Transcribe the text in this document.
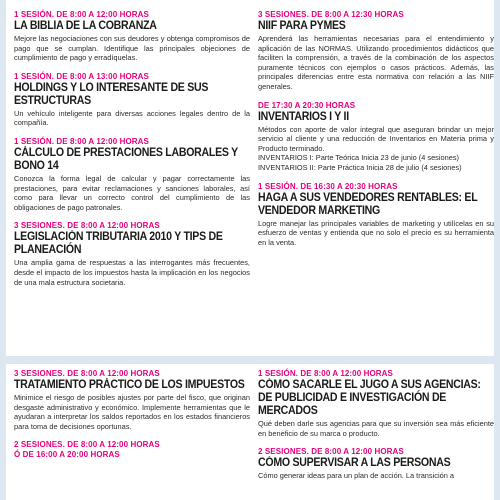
1 SESIÓN. DE 8:00 A 12:00 HORAS
LA BIBLIA DE LA COBRANZA

Mejore las negociaciones con sus deudores y obtenga compromisos de pago que se cumplan. Identifique las principales objeciones de cumplimiento de pago y erradíquelas.

1 SESIÓN. DE 8:00 A 13:00 HORAS
HOLDINGS Y LO INTERESANTE DE SUS ESTRUCTURAS

Un vehículo inteligente para diversas acciones legales dentro de la compañía.

1 SESIÓN. DE 8:00 A 12:00 HORAS
CÁLCULO DE PRESTACIONES LABORALES Y BONO 14

Conozca la forma legal de calcular y pagar correctamente las prestaciones, para evitar reclamaciones y sanciones laborales, así como para llevar un correcto control del cumplimiento de las obligaciones de pago patronales.

3 SESIONES. DE 8:00 A 12:00 HORAS
LEGISLACIÓN TRIBUTARIA 2010 Y TIPS DE PLANEACIÓN

Una amplia gama de respuestas a las interrogantes más frecuentes, desde el impacto de los impuestos hasta la implicación en los negocios de una mala estructura societaria.

3 SESIONES. DE 8:00 A 12:30 HORAS
NIIF PARA PYMES

Aprenderá las herramientas necesarias para el entendimiento y aplicación de las NORMAS. Utilizando procedimientos didácticos que faciliten la comprensión, a través de la combinación de los aspectos puramente técnicos con ejemplos o casos prácticos. Además, las principales diferencias entre esta normativa con relación a las NIIF generales.

DE 17:30 A 20:30 HORAS
INVENTARIOS I Y II

Métodos con aporte de valor integral que aseguran brindar un mejor servicio al cliente y una reducción de Inventarios en Materia prima y Producto terminado.

INVENTARIOS I: Parte Teórica Inicia 23 de junio (4 sesiones)

INVENTARIOS II: Parte Práctica Inicia 28 de julio (4 sesiones)

1 SESIÓN. DE 16:30 A 20:30 HORAS
HAGA A SUS VENDEDORES RENTABLES: EL VENDEDOR MARKETING

Logre manejar las principales variables de marketing y utilícelas en su esfuerzo de ventas y entienda que no solo el precio es su herramienta en la venta.

3 SESIONES. DE 8:00 A 12:00 HORAS
TRATAMIENTO PRÁCTICO DE LOS IMPUESTOS

Minimice el riesgo de posibles ajustes por parte del fisco, que originan desgaste administrativo y económico. Implemente herramientas que le ayudaran a interpretar los saldos reportados en los estados financieros para toma de decisiones oportunas.

2 SESIONES. DE 8:00 A 12:00 HORAS
Ó DE 16:00 A 20:00 HORAS
1 SESIÓN. DE 8:00 A 12:00 HORAS
CÓMO SACARLE EL JUGO A SUS AGENCIAS: DE PUBLICIDAD E INVESTIGACIÓN DE MERCADOS

Qué deben darle sus agencias para que su inversión sea más eficiente en beneficio de su marca o producto.

2 SESIONES. DE 8:00 A 12:00 HORAS
CÓMO SUPERVISAR A LAS PERSONAS

Cómo generar ideas para un plan de acción. La transición a
